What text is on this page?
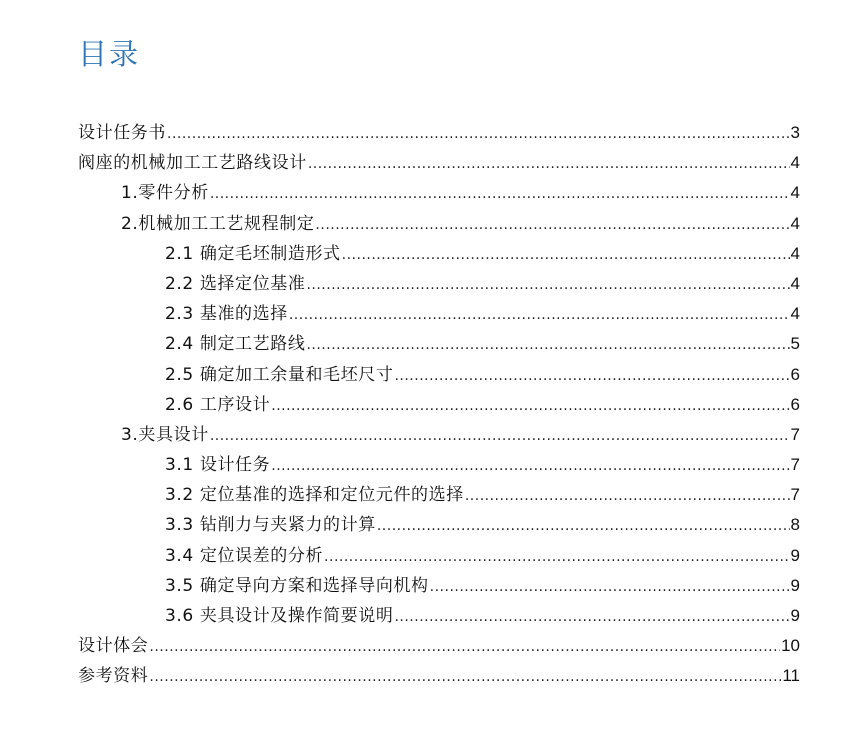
目录
设计任务书 .....	3
阀座的机械加工工艺路线设计 .....	4
1.零件分析 .....	4
2.机械加工工艺规程制定 .....	4
2.1 确定毛坯制造形式 .....	4
2.2 选择定位基准 .....	4
2.3 基准的选择 .....	4
2.4 制定工艺路线 .....	5
2.5 确定加工余量和毛坯尺寸 .....	6
2.6 工序设计 .....	6
3.夹具设计 .....	7
3.1 设计任务 .....	7
3.2 定位基准的选择和定位元件的选择 .....	7
3.3 钻削力与夹紧力的计算 .....	8
3.4 定位误差的分析 .....	9
3.5 确定导向方案和选择导向机构 .....	9
3.6 夹具设计及操作简要说明 .....	9
设计体会 .....	10
参考资料 .....	11
